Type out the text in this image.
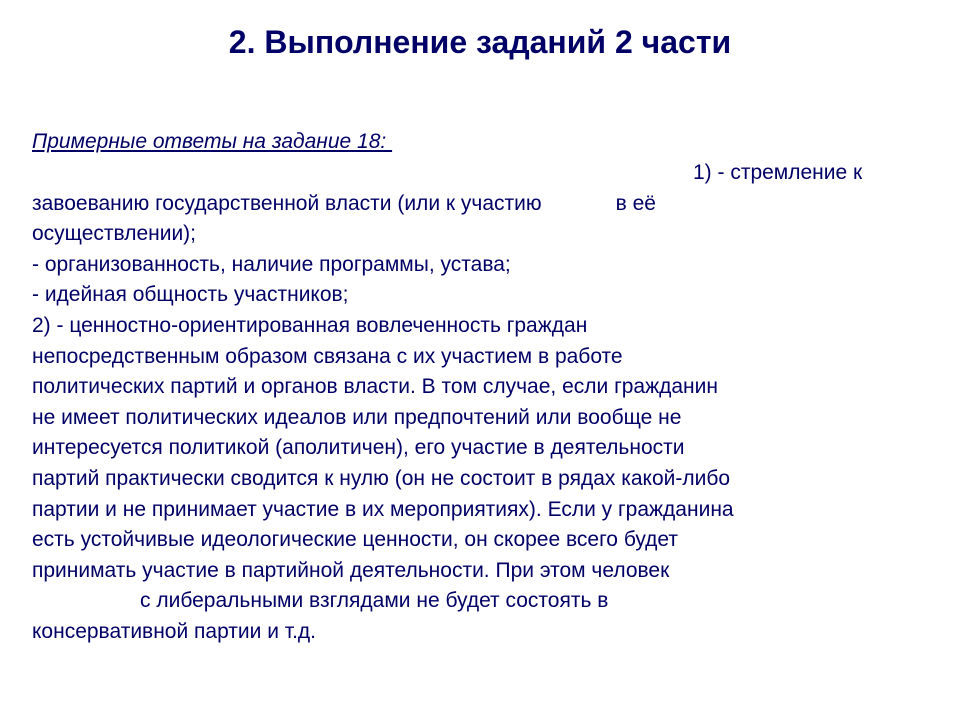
2. Выполнение заданий 2 части
Примерные ответы на задание 18:
1) - стремление к
завоеванию государственной власти (или к участию	в её
осуществлении);
- организованность, наличие программы, устава;
- идейная общность участников;
2) - ценностно-ориентированная вовлеченность граждан
непосредственным образом связана с их участием в работе
политических партий и органов власти. В том случае, если гражданин
не имеет политических идеалов или предпочтений или вообще не
интересуется политикой (аполитичен), его участие в деятельности
партий практически сводится к нулю (он не состоит в рядах какой-либо
партии и не принимает участие в их мероприятиях). Если у гражданина
есть устойчивые идеологические ценности, он скорее всего будет
принимать участие в партийной деятельности. При этом человек
с либеральными взглядами не будет состоять в
консервативной партии и т.д.
